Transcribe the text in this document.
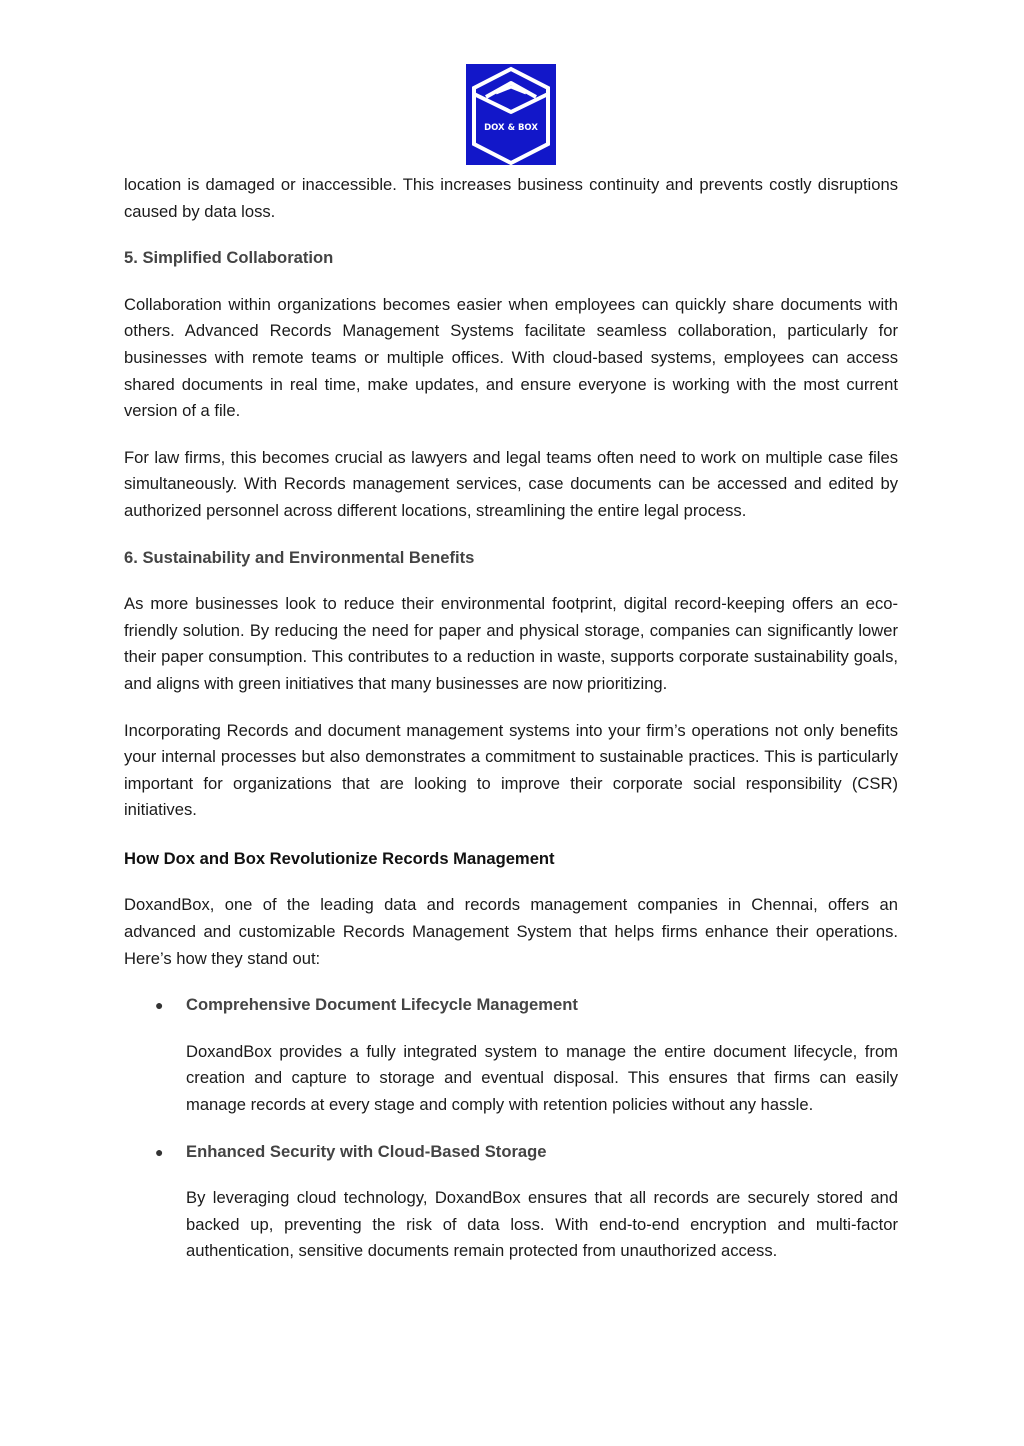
DOX & BOX

location is damaged or inaccessible. This increases business continuity and prevents costly disruptions caused by data loss.

5. Simplified Collaboration

Collaboration within organizations becomes easier when employees can quickly share documents with others. Advanced Records Management Systems facilitate seamless collaboration, particularly for businesses with remote teams or multiple offices. With cloud-based systems, employees can access shared documents in real time, make updates, and ensure everyone is working with the most current version of a file.

For law firms, this becomes crucial as lawyers and legal teams often need to work on multiple case files simultaneously. With Records management services, case documents can be accessed and edited by authorized personnel across different locations, streamlining the entire legal process.

6. Sustainability and Environmental Benefits

As more businesses look to reduce their environmental footprint, digital record-keeping offers an eco-friendly solution. By reducing the need for paper and physical storage, companies can significantly lower their paper consumption. This contributes to a reduction in waste, supports corporate sustainability goals, and aligns with green initiatives that many businesses are now prioritizing.

Incorporating Records and document management systems into your firm’s operations not only benefits your internal processes but also demonstrates a commitment to sustainable practices. This is particularly important for organizations that are looking to improve their corporate social responsibility (CSR) initiatives.

How Dox and Box Revolutionize Records Management

DoxandBox, one of the leading data and records management companies in Chennai, offers an advanced and customizable Records Management System that helps firms enhance their operations. Here’s how they stand out:

● Comprehensive Document Lifecycle Management

DoxandBox provides a fully integrated system to manage the entire document lifecycle, from creation and capture to storage and eventual disposal. This ensures that firms can easily manage records at every stage and comply with retention policies without any hassle.

● Enhanced Security with Cloud-Based Storage

By leveraging cloud technology, DoxandBox ensures that all records are securely stored and backed up, preventing the risk of data loss. With end-to-end encryption and multi-factor authentication, sensitive documents remain protected from unauthorized access.
